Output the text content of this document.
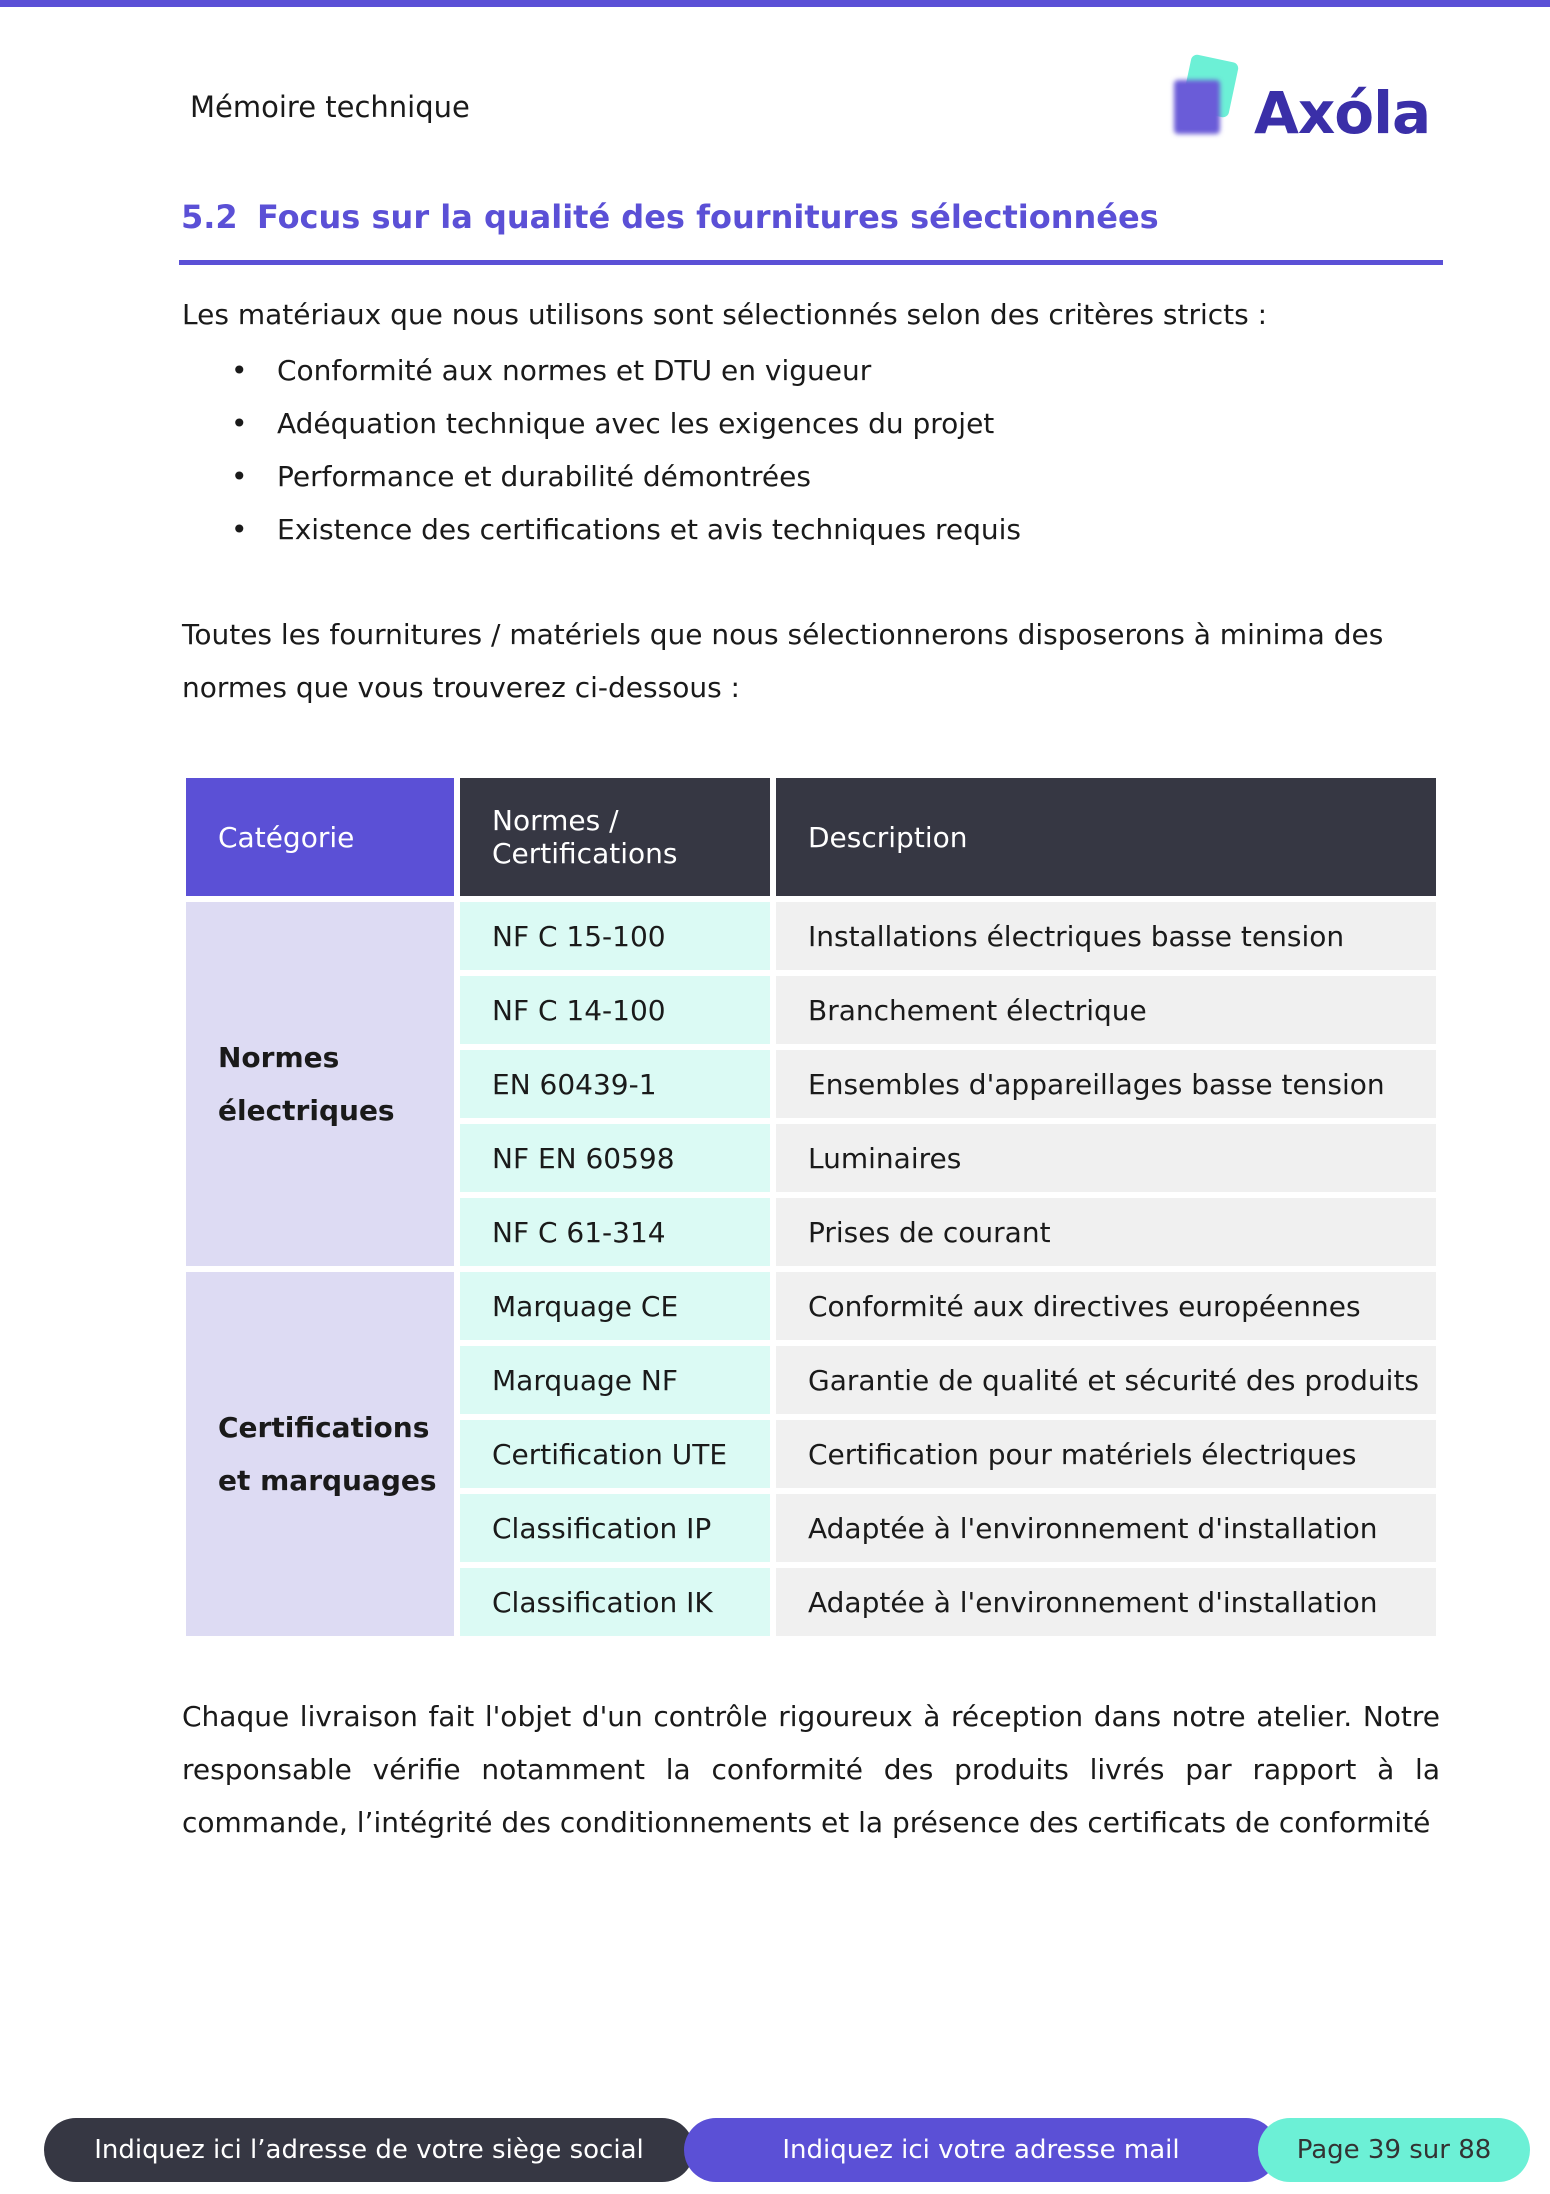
Mémoire technique	Axóla
5.2 Focus sur la qualité des fournitures sélectionnées
Les matériaux que nous utilisons sont sélectionnés selon des critères stricts :
• Conformité aux normes et DTU en vigueur
• Adéquation technique avec les exigences du projet
• Performance et durabilité démontrées
• Existence des certifications et avis techniques requis
Toutes les fournitures / matériels que nous sélectionnerons disposerons à minima des normes que vous trouverez ci-dessous :
Catégorie	Normes / Certifications	Description
Normes électriques	NF C 15-100	Installations électriques basse tension
	NF C 14-100	Branchement électrique
	EN 60439-1	Ensembles d'appareillages basse tension
	NF EN 60598	Luminaires
	NF C 61-314	Prises de courant
Certifications et marquages	Marquage CE	Conformité aux directives européennes
	Marquage NF	Garantie de qualité et sécurité des produits
	Certification UTE	Certification pour matériels électriques
	Classification IP	Adaptée à l'environnement d'installation
	Classification IK	Adaptée à l'environnement d'installation
Chaque livraison fait l'objet d'un contrôle rigoureux à réception dans notre atelier. Notre responsable vérifie notamment la conformité des produits livrés par rapport à la commande, l’intégrité des conditionnements et la présence des certificats de conformité
Indiquez ici l’adresse de votre siège social	Indiquez ici votre adresse mail	Page 39 sur 88
